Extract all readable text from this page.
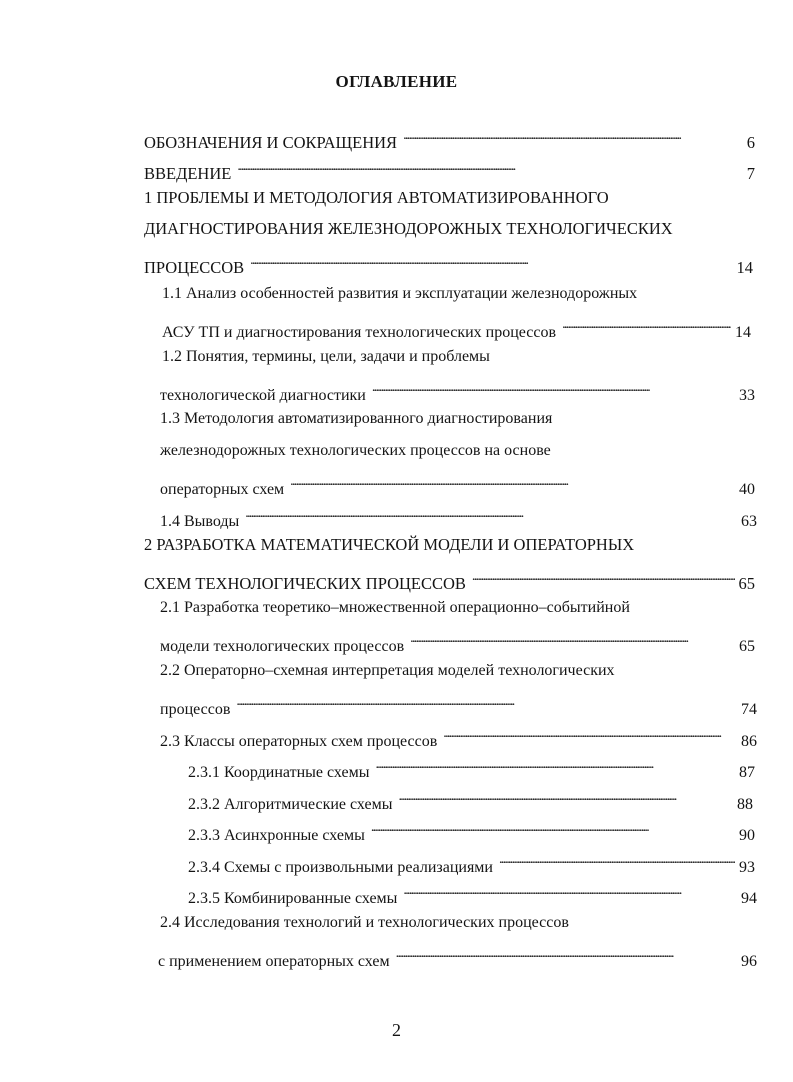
ОГЛАВЛЕНИЕ
ОБОЗНАЧЕНИЯ И СОКРАЩЕНИЯ . . .	6
ВВЕДЕНИЕ . . .	7
1 ПРОБЛЕМЫ И МЕТОДОЛОГИЯ АВТОМАТИЗИРОВАННОГО
ДИАГНОСТИРОВАНИЯ ЖЕЛЕЗНОДОРОЖНЫХ ТЕХНОЛОГИЧЕСКИХ
ПРОЦЕССОВ . . .	14
1.1 Анализ особенностей развития и эксплуатации железнодорожных
АСУ ТП и диагностирования технологических процессов . . .	14
1.2 Понятия, термины, цели, задачи и проблемы
технологической диагностики . . .	33
1.3 Методология автоматизированного диагностирования
железнодорожных технологических процессов на основе
операторных схем . . .	40
1.4 Выводы . . .	63
2 РАЗРАБОТКА МАТЕМАТИЧЕСКОЙ МОДЕЛИ И ОПЕРАТОРНЫХ
СХЕМ ТЕХНОЛОГИЧЕСКИХ ПРОЦЕССОВ . . .	65
2.1 Разработка теоретико–множественной операционно–событийной
модели технологических процессов . . .	65
2.2 Операторно–схемная интерпретация моделей технологических
процессов . . .	74
2.3 Классы операторных схем процессов . . .	86
2.3.1 Координатные схемы . . .	87
2.3.2 Алгоритмические схемы . . .	88
2.3.3 Асинхронные схемы . . .	90
2.3.4 Схемы с произвольными реализациями . . .	93
2.3.5 Комбинированные схемы . . .	94
2.4 Исследования технологий и технологических процессов
с применением операторных схем . . .	96
2
